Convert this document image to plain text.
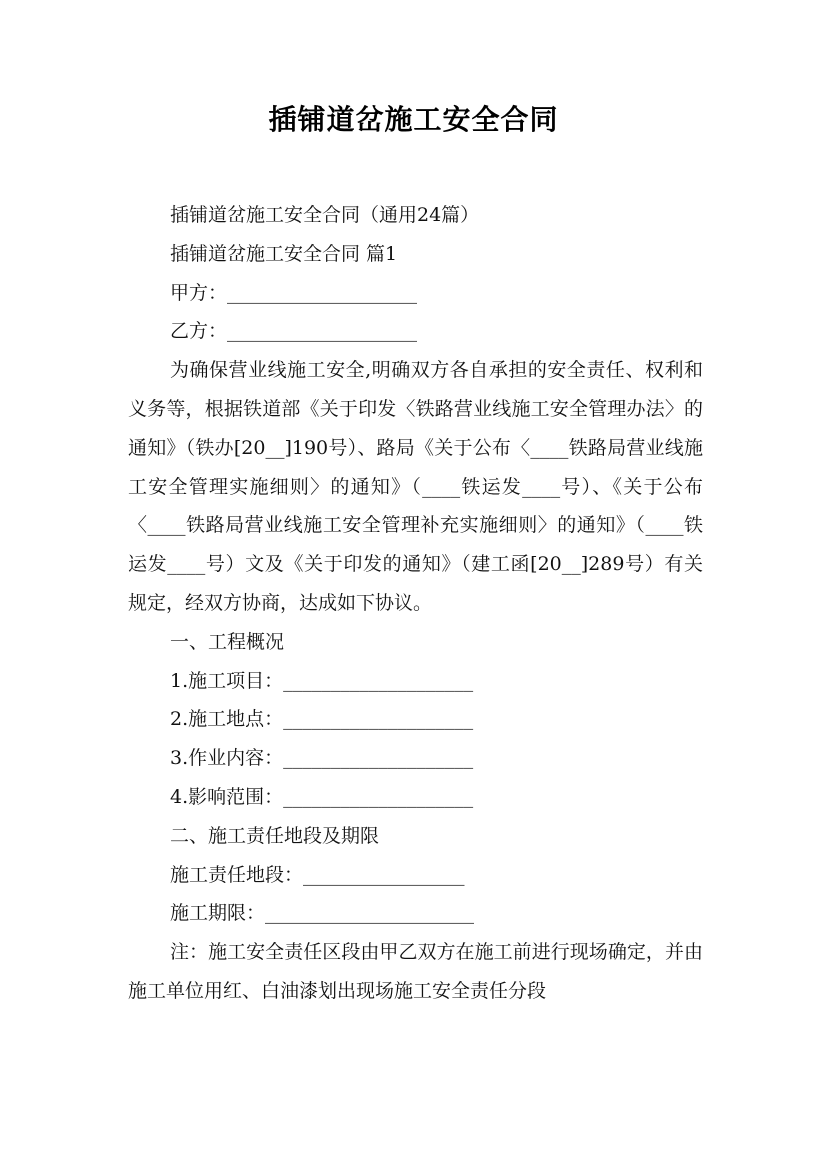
插铺道岔施工安全合同

插铺道岔施工安全合同（通用24篇）

插铺道岔施工安全合同 篇1

甲方：____________________

乙方：____________________

为确保营业线施工安全,明确双方各自承担的安全责任、权利和义务等，根据铁道部《关于印发〈铁路营业线施工安全管理办法〉的通知》（铁办[20__]190号）、路局《关于公布〈____铁路局营业线施工安全管理实施细则〉的通知》（____铁运发____号）、《关于公布〈____铁路局营业线施工安全管理补充实施细则〉的通知》（____铁运发____号）文及《关于印发的通知》（建工函[20__]289号）有关规定，经双方协商，达成如下协议。

一、工程概况

1.施工项目：____________________

2.施工地点：____________________

3.作业内容：____________________

4.影响范围：____________________

二、施工责任地段及期限

施工责任地段：_________________

施工期限：______________________

注：施工安全责任区段由甲乙双方在施工前进行现场确定，并由施工单位用红、白油漆划出现场施工安全责任分段
